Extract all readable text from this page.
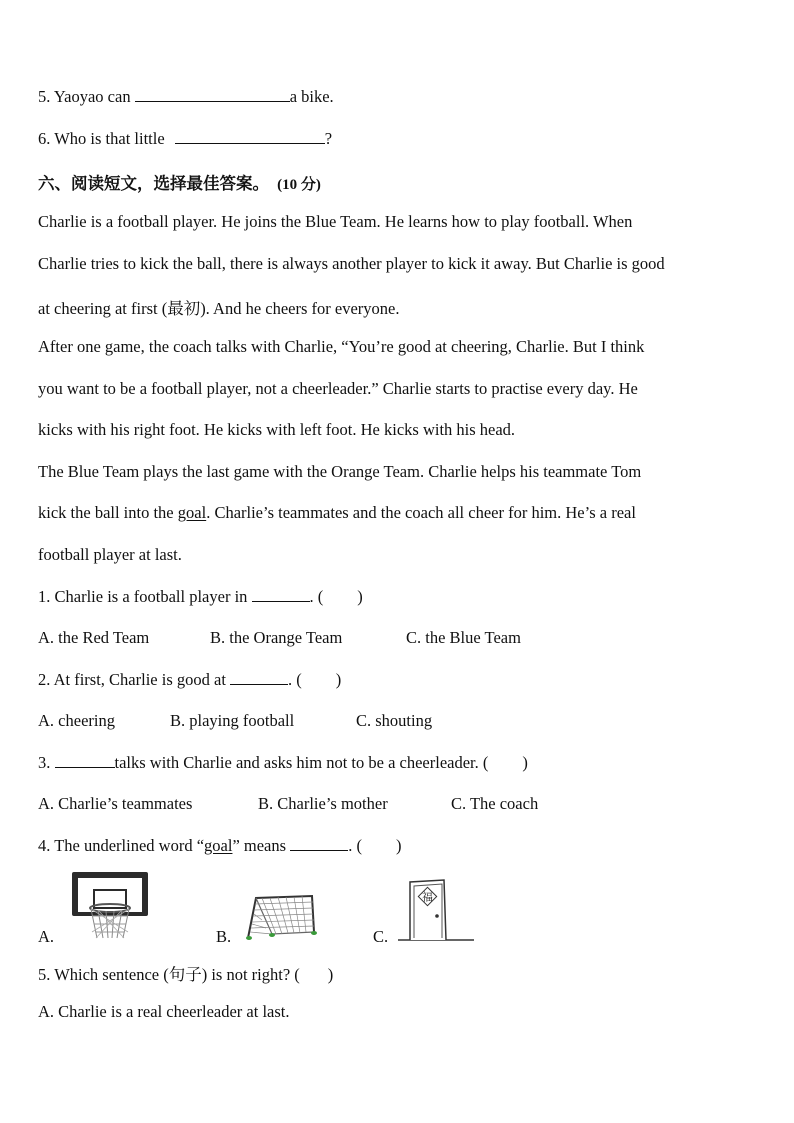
5. Yaoyao can	a bike.
6. Who is that little	?
六、阅读短文，选择最佳答案。 (10 分)
Charlie is a football player. He joins the Blue Team. He learns how to play football. When
Charlie tries to kick the ball, there is always another player to kick it away. But Charlie is good
at cheering at first (最初). And he cheers for everyone.
After one game, the coach talks with Charlie, “You’re good at cheering, Charlie. But I think
you want to be a football player, not a cheerleader.” Charlie starts to practise every day. He
kicks with his right foot. He kicks with left foot. He kicks with his head.
The Blue Team plays the last game with the Orange Team. Charlie helps his teammate Tom
kick the ball into the goal. Charlie’s teammates and the coach all cheer for him. He’s a real
football player at last.
1. Charlie is a football player in	. ( )
A. the Red Team	B. the Orange Team	C. the Blue Team
2. At first, Charlie is good at	. ( )
A. cheering	B. playing football	C. shouting
3.	talks with Charlie and asks him not to be a cheerleader. ( )
A. Charlie’s teammates	B. Charlie’s mother	C. The coach
4. The underlined word “goal” means	. ( )
A.	B.	C.
福
5. Which sentence (句子) is not right? ( )
A. Charlie is a real cheerleader at last.
